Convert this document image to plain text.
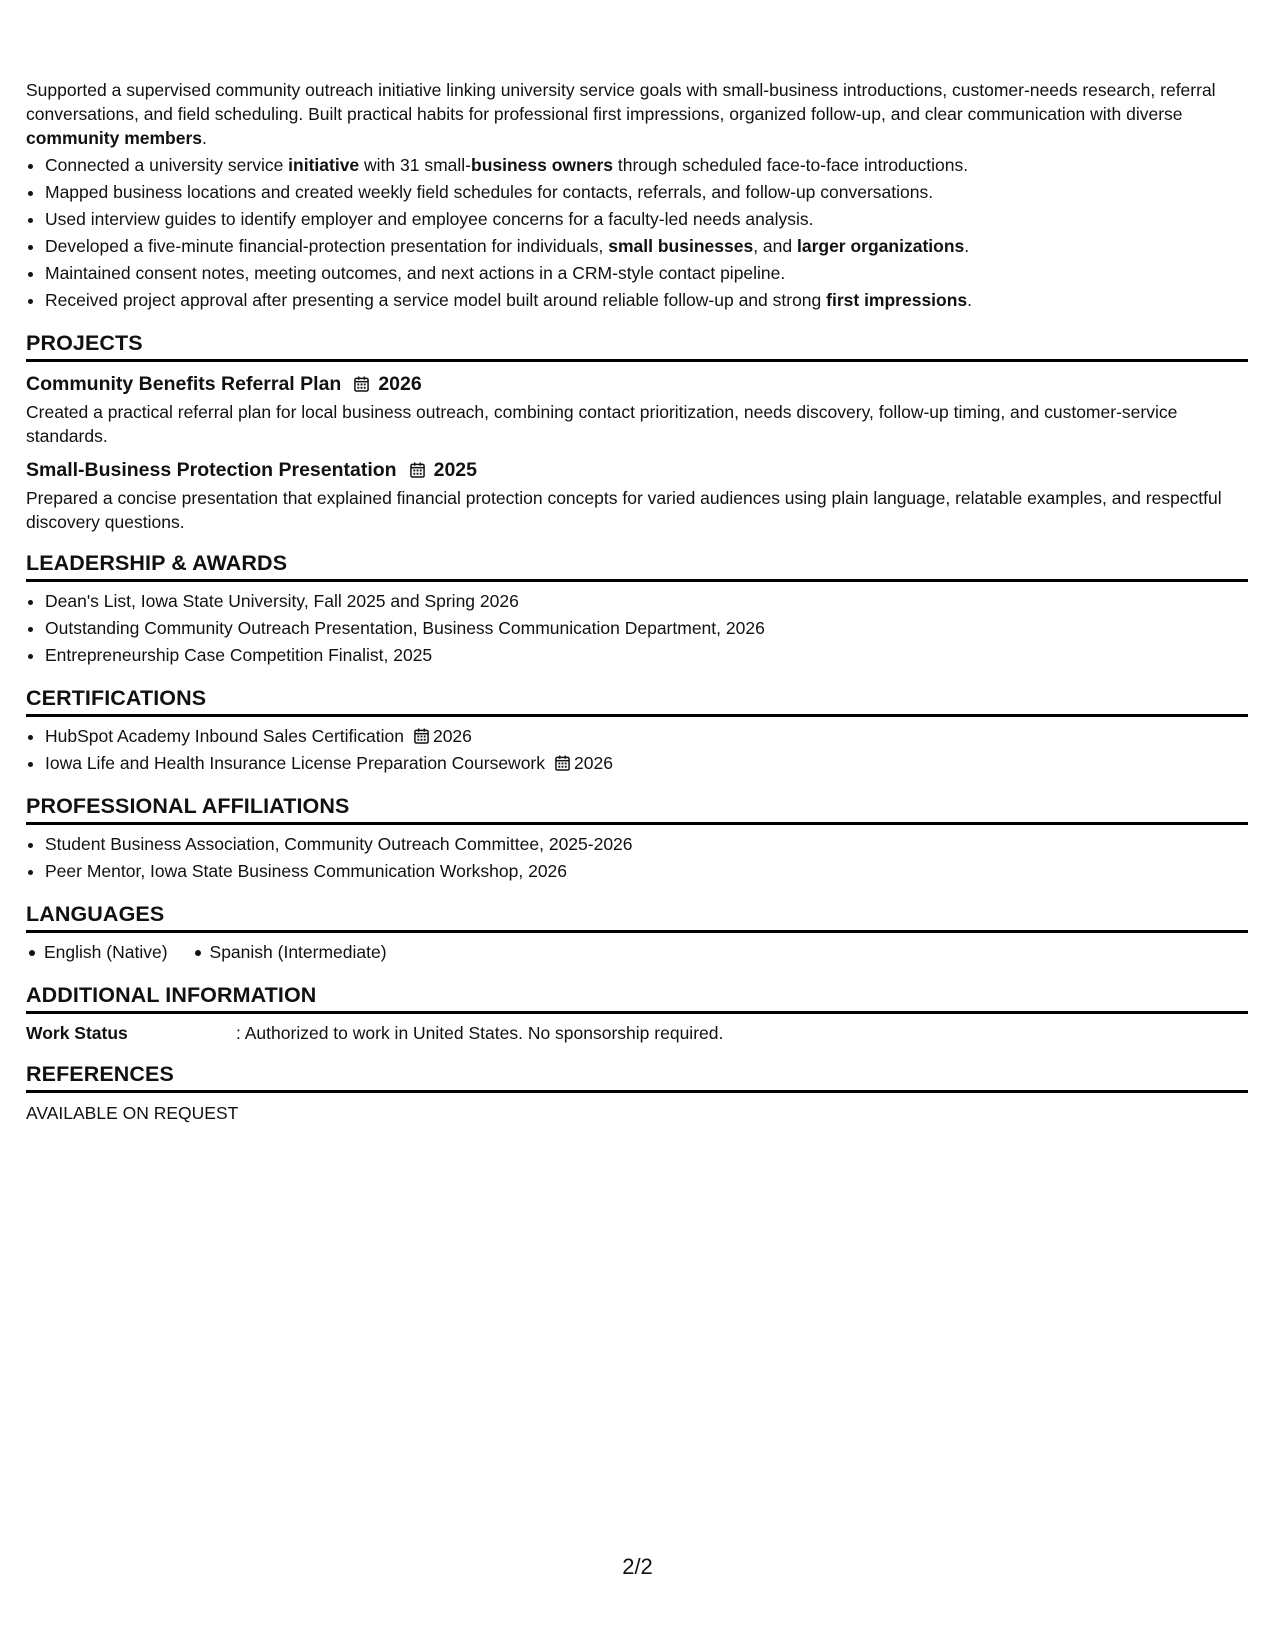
Supported a supervised community outreach initiative linking university service goals with small-business introductions, customer-needs research, referral conversations, and field scheduling. Built practical habits for professional first impressions, organized follow-up, and clear communication with diverse community members.

• Connected a university service initiative with 31 small-business owners through scheduled face-to-face introductions.
• Mapped business locations and created weekly field schedules for contacts, referrals, and follow-up conversations.
• Used interview guides to identify employer and employee concerns for a faculty-led needs analysis.
• Developed a five-minute financial-protection presentation for individuals, small businesses, and larger organizations.
• Maintained consent notes, meeting outcomes, and next actions in a CRM-style contact pipeline.
• Received project approval after presenting a service model built around reliable follow-up and strong first impressions.
PROJECTS
Community Benefits Referral Plan 2026

Created a practical referral plan for local business outreach, combining contact prioritization, needs discovery, follow-up timing, and customer-service standards.

Small-Business Protection Presentation 2025

Prepared a concise presentation that explained financial protection concepts for varied audiences using plain language, relatable examples, and respectful discovery questions.

LEADERSHIP & AWARDS
• Dean's List, Iowa State University, Fall 2025 and Spring 2026
• Outstanding Community Outreach Presentation, Business Communication Department, 2026
• Entrepreneurship Case Competition Finalist, 2025
CERTIFICATIONS
• HubSpot Academy Inbound Sales Certification 2026
• Iowa Life and Health Insurance License Preparation Coursework 2026
PROFESSIONAL AFFILIATIONS
• Student Business Association, Community Outreach Committee, 2025-2026
• Peer Mentor, Iowa State Business Communication Workshop, 2026
LANGUAGES
English (Native)	Spanish (Intermediate)
ADDITIONAL INFORMATION
Work Status	: Authorized to work in United States. No sponsorship required.
REFERENCES

AVAILABLE ON REQUEST

2/2
